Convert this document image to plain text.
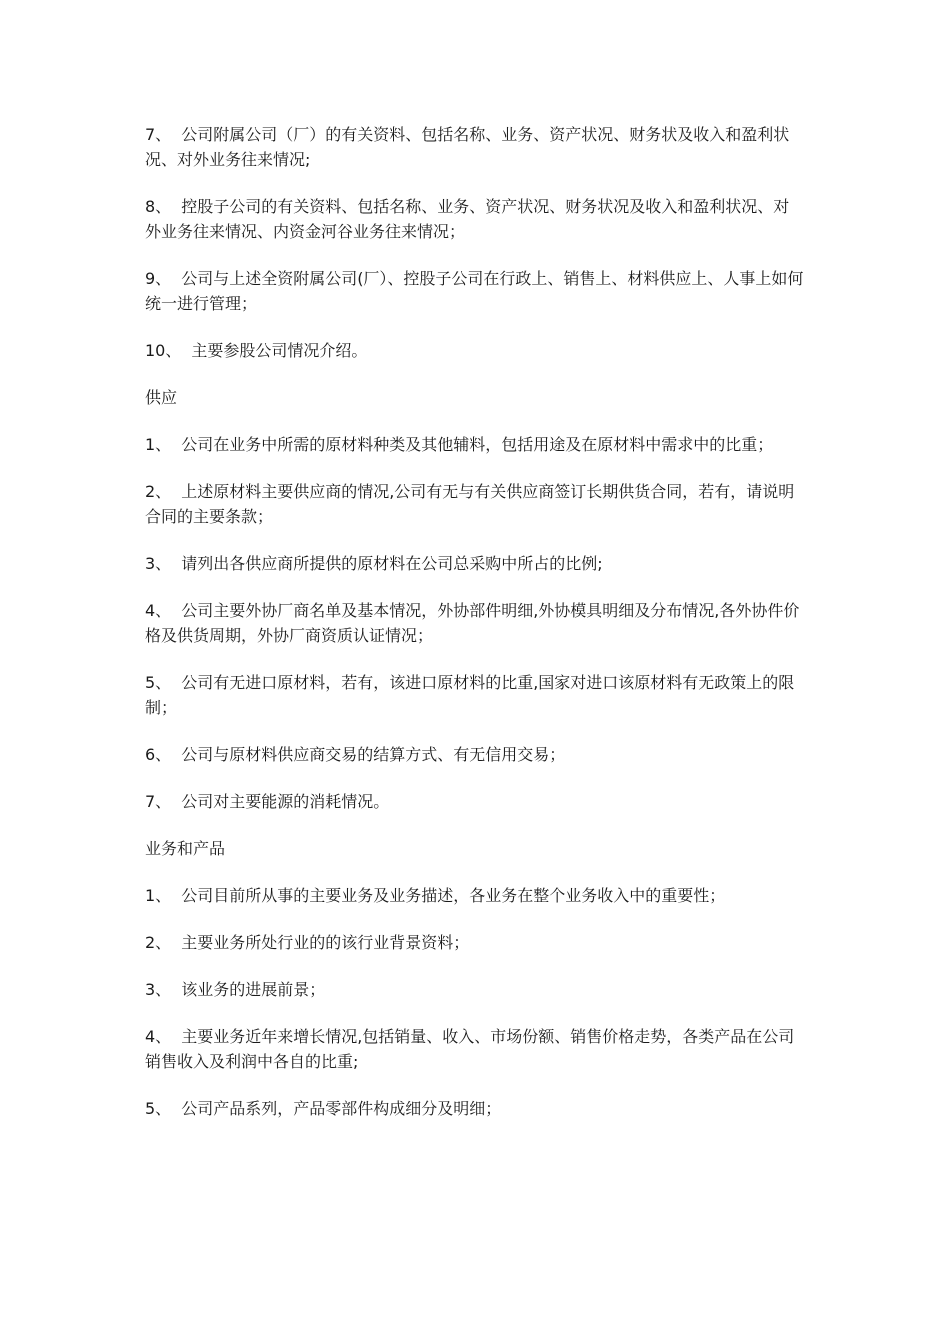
7、 公司附属公司（厂）的有关资料、包括名称、业务、资产状况、财务状及收入和盈利状况、对外业务往来情况;

8、 控股子公司的有关资料、包括名称、业务、资产状况、财务状况及收入和盈利状况、对外业务往来情况、内资金河谷业务往来情况；

9、 公司与上述全资附属公司(厂）、控股子公司在行政上、销售上、材料供应上、人事上如何统一进行管理；

10、 主要参股公司情况介绍。

供应

1、 公司在业务中所需的原材料种类及其他辅料，包括用途及在原材料中需求中的比重；

2、 上述原材料主要供应商的情况,公司有无与有关供应商签订长期供货合同，若有，请说明合同的主要条款；

3、 请列出各供应商所提供的原材料在公司总采购中所占的比例;

4、 公司主要外协厂商名单及基本情况，外协部件明细,外协模具明细及分布情况,各外协件价格及供货周期，外协厂商资质认证情况；

5、 公司有无进口原材料，若有，该进口原材料的比重,国家对进口该原材料有无政策上的限制；

6、 公司与原材料供应商交易的结算方式、有无信用交易；

7、 公司对主要能源的消耗情况。

业务和产品

1、 公司目前所从事的主要业务及业务描述，各业务在整个业务收入中的重要性；

2、 主要业务所处行业的的该行业背景资料；

3、 该业务的进展前景；

4、 主要业务近年来增长情况,包括销量、收入、市场份额、销售价格走势，各类产品在公司销售收入及利润中各自的比重;

5、 公司产品系列，产品零部件构成细分及明细；
